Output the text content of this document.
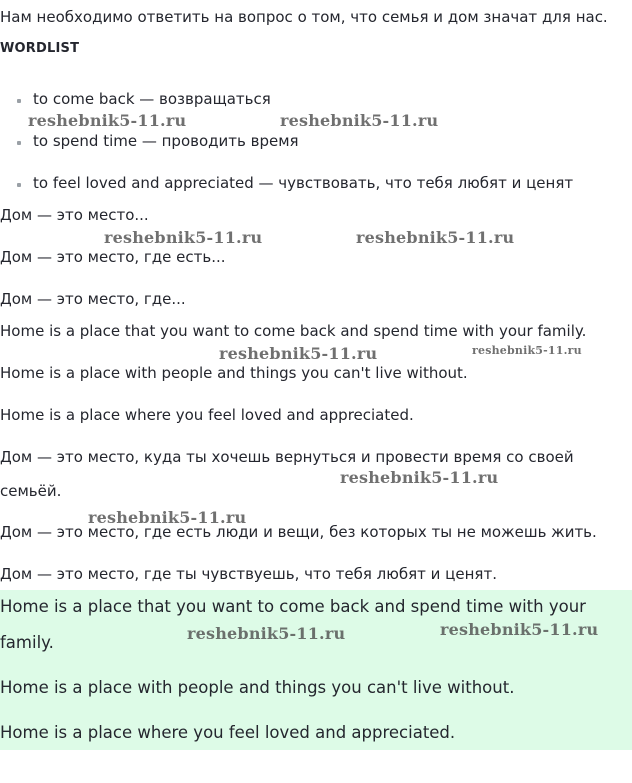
Нам необходимо ответить на вопрос о том, что семья и дом значат для нас.

WORDLIST

to come back — возвращаться
to spend time — проводить время
to feel loved and appreciated — чувствовать, что тебя любят и ценят

Дом — это место...

Дом — это место, где есть...

Дом — это место, где...

Home is a place that you want to come back and spend time with your family.

Home is a place with people and things you can't live without.

Home is a place where you feel loved and appreciated.

Дом — это место, куда ты хочешь вернуться и провести время со своей

семьёй.

Дом — это место, где есть люди и вещи, без которых ты не можешь жить.

Дом — это место, где ты чувствуешь, что тебя любят и ценят.

Home is a place that you want to come back and spend time with your
family.
Home is a place with people and things you can't live without.
Home is a place where you feel loved and appreciated.
reshebnik5-11.ru	reshebnik5-11.ru
reshebnik5-11.ru	reshebnik5-11.ru
reshebnik5-11.ru	reshebnik5-11.ru
reshebnik5-11.ru
reshebnik5-11.ru
reshebnik5-11.ru	reshebnik5-11.ru
